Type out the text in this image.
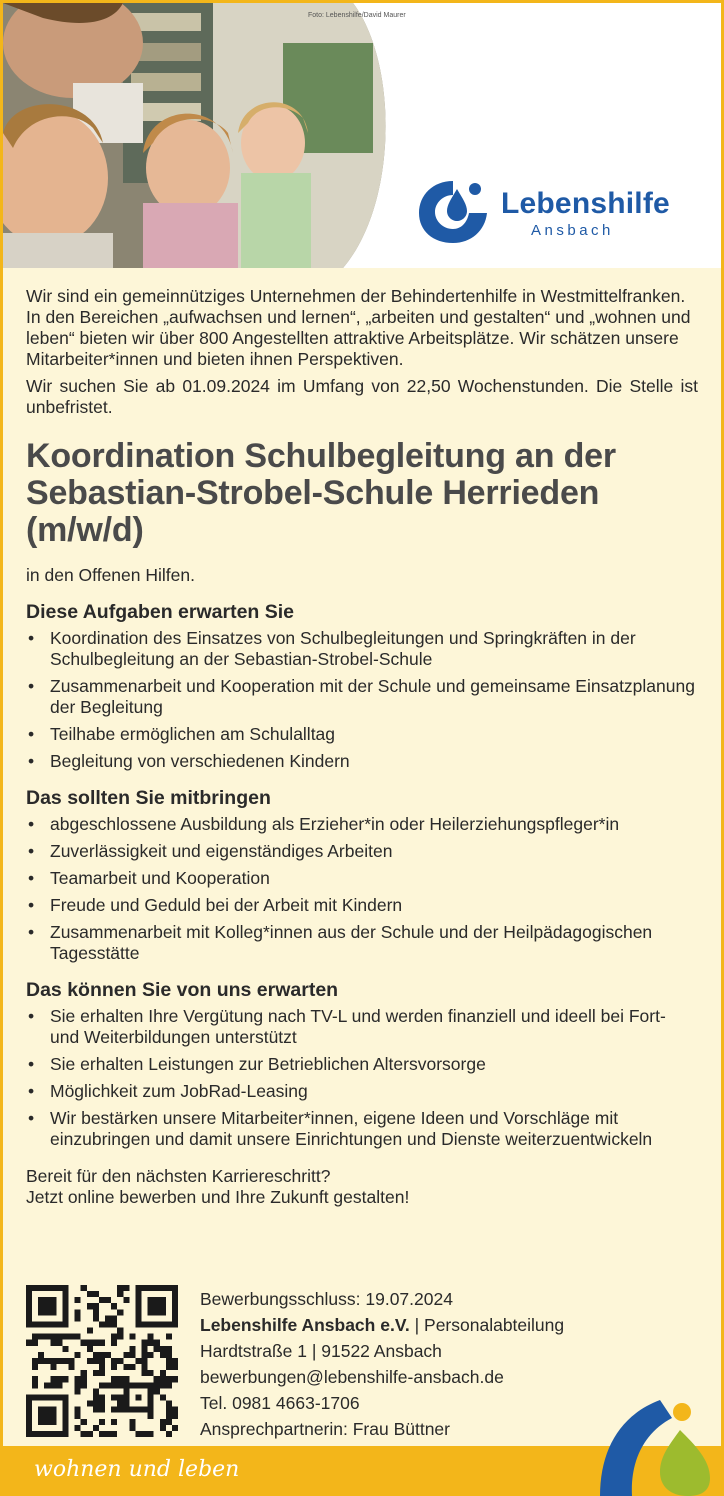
Foto: Lebenshilfe/David Maurer
Lebenshilfe
Ansbach

Wir sind ein gemeinnütziges Unternehmen der Behindertenhilfe in Westmittelfranken. In den Bereichen „aufwachsen und lernen“, „arbeiten und gestalten“ und „wohnen und leben“ bieten wir über 800 Angestellten attraktive Arbeitsplätze. Wir schätzen unsere Mitarbeiter*innen und bieten ihnen Perspektiven.

Wir suchen Sie ab 01.09.2024 im Umfang von 22,50 Wochenstunden. Die Stelle ist unbefristet.

Koordination Schulbegleitung an der Sebastian-Strobel-Schule Herrieden (m/w/d)

in den Offenen Hilfen.

Diese Aufgaben erwarten Sie
• Koordination des Einsatzes von Schulbegleitungen und Springkräften in der Schulbegleitung an der Sebastian-Strobel-Schule
• Zusammenarbeit und Kooperation mit der Schule und gemeinsame Einsatzplanung der Begleitung
• Teilhabe ermöglichen am Schulalltag
• Begleitung von verschiedenen Kindern
Das sollten Sie mitbringen
• abgeschlossene Ausbildung als Erzieher*in oder Heilerziehungspfleger*in
• Zuverlässigkeit und eigenständiges Arbeiten
• Teamarbeit und Kooperation
• Freude und Geduld bei der Arbeit mit Kindern
• Zusammenarbeit mit Kolleg*innen aus der Schule und der Heilpädagogischen Tagesstätte
Das können Sie von uns erwarten
• Sie erhalten Ihre Vergütung nach TV-L und werden finanziell und ideell bei Fort- und Weiterbildungen unterstützt
• Sie erhalten Leistungen zur Betrieblichen Altersvorsorge
• Möglichkeit zum JobRad-Leasing
• Wir bestärken unsere Mitarbeiter*innen, eigene Ideen und Vorschläge mit einzubringen und damit unsere Einrichtungen und Dienste weiterzuentwickeln

Bereit für den nächsten Karriereschritt?

Jetzt online bewerben und Ihre Zukunft gestalten!

Bewerbungsschluss: 19.07.2024
Lebenshilfe Ansbach e.V. | Personalabteilung
Hardtstraße 1 | 91522 Ansbach
bewerbungen@lebenshilfe-ansbach.de
Tel. 0981 4663-1706
Ansprechpartnerin: Frau Büttner
wohnen und leben
